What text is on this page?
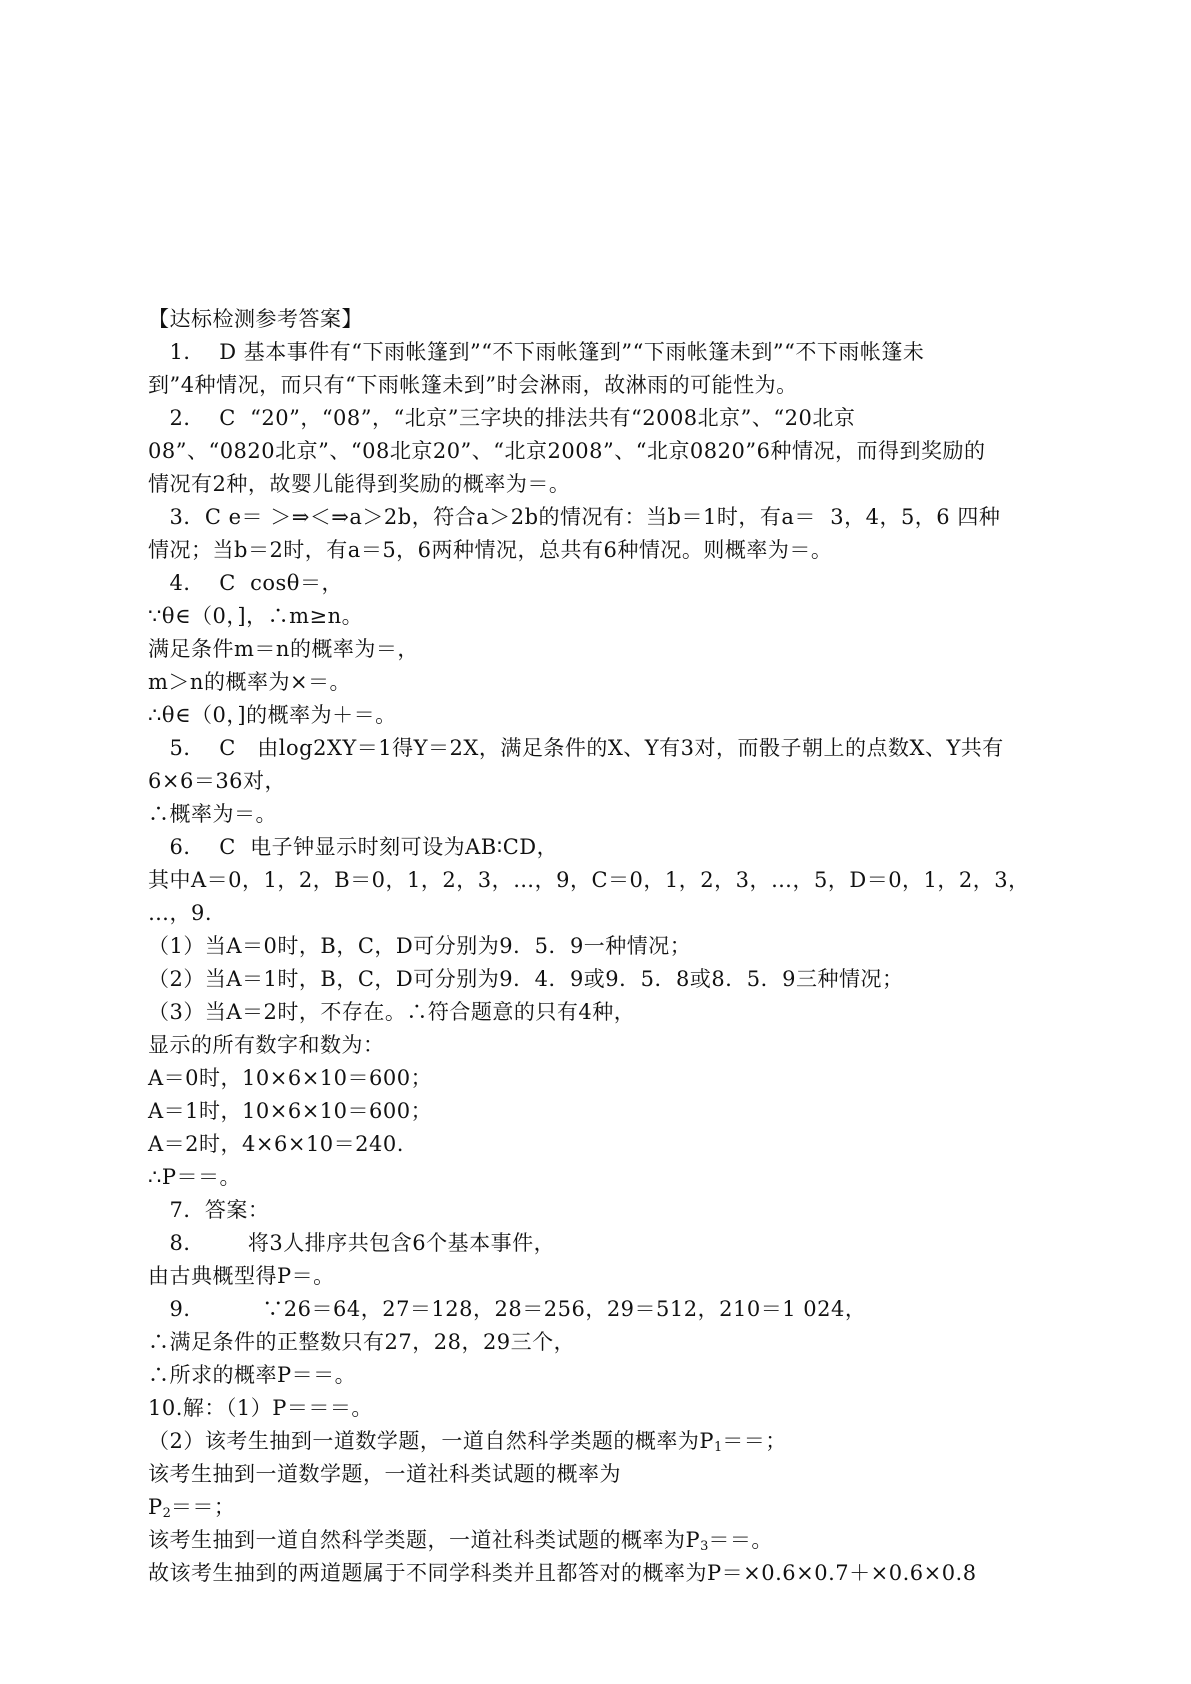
【达标检测参考答案】
　1．  D 基本事件有“下雨帐篷到”“不下雨帐篷到”“下雨帐篷未到”“不下雨帐篷未
到”4种情况，而只有“下雨帐篷未到”时会淋雨，故淋雨的可能性为。
　2．  C  “20”，“08”，“北京”三字块的排法共有“2008北京”、“20北京
08”、“0820北京”、“08北京20”、“北京2008”、“北京0820”6种情况，而得到奖励的
情况有2种，故婴儿能得到奖励的概率为＝。
　3．C e＝ ＞⇒＜⇒a＞2b，符合a＞2b的情况有：当b＝1时，有a＝  3，4，5，6 四种
情况；当b＝2时，有a＝5，6两种情况，总共有6种情况。则概率为＝。
　4．  C  cosθ＝，
∵θ∈（0，]，∴m≥n。
满足条件m＝n的概率为＝，
m＞n的概率为×＝。
∴θ∈（0，]的概率为＋＝。
　5．  C   由log2XY＝1得Y＝2X，满足条件的X、Y有3对，而骰子朝上的点数X、Y共有
6×6＝36对，
∴概率为＝。
　6．  C  电子钟显示时刻可设为AB∶CD，
其中A＝0，1，2，B＝0，1，2，3，…，9，C＝0，1，2，3，…，5，D＝0，1，2，3，
…，9.
（1）当A＝0时，B，C，D可分别为9．5．9一种情况；
（2）当A＝1时，B，C，D可分别为9．4．9或9．5．8或8．5．9三种情况；
（3）当A＝2时，不存在。∴符合题意的只有4种，
显示的所有数字和数为：
A＝0时，10×6×10＝600；
A＝1时，10×6×10＝600；
A＝2时，4×6×10＝240.
∴P＝＝。
　7．答案：
　8．      将3人排序共包含6个基本事件，
由古典概型得P＝。
　9．        ∵26＝64，27＝128，28＝256，29＝512，210＝1 024，
∴满足条件的正整数只有27，28，29三个，
∴所求的概率P＝＝。
10.解：（1）P＝＝＝。
（2）该考生抽到一道数学题，一道自然科学类题的概率为$P_1==$；
该考生抽到一道数学题，一道社科类试题的概率为
$P_2==$；
该考生抽到一道自然科学类题，一道社科类试题的概率为$P_3==$。
故该考生抽到的两道题属于不同学科类并且都答对的概率为P＝×0.6×0.7＋×0.6×0.8
